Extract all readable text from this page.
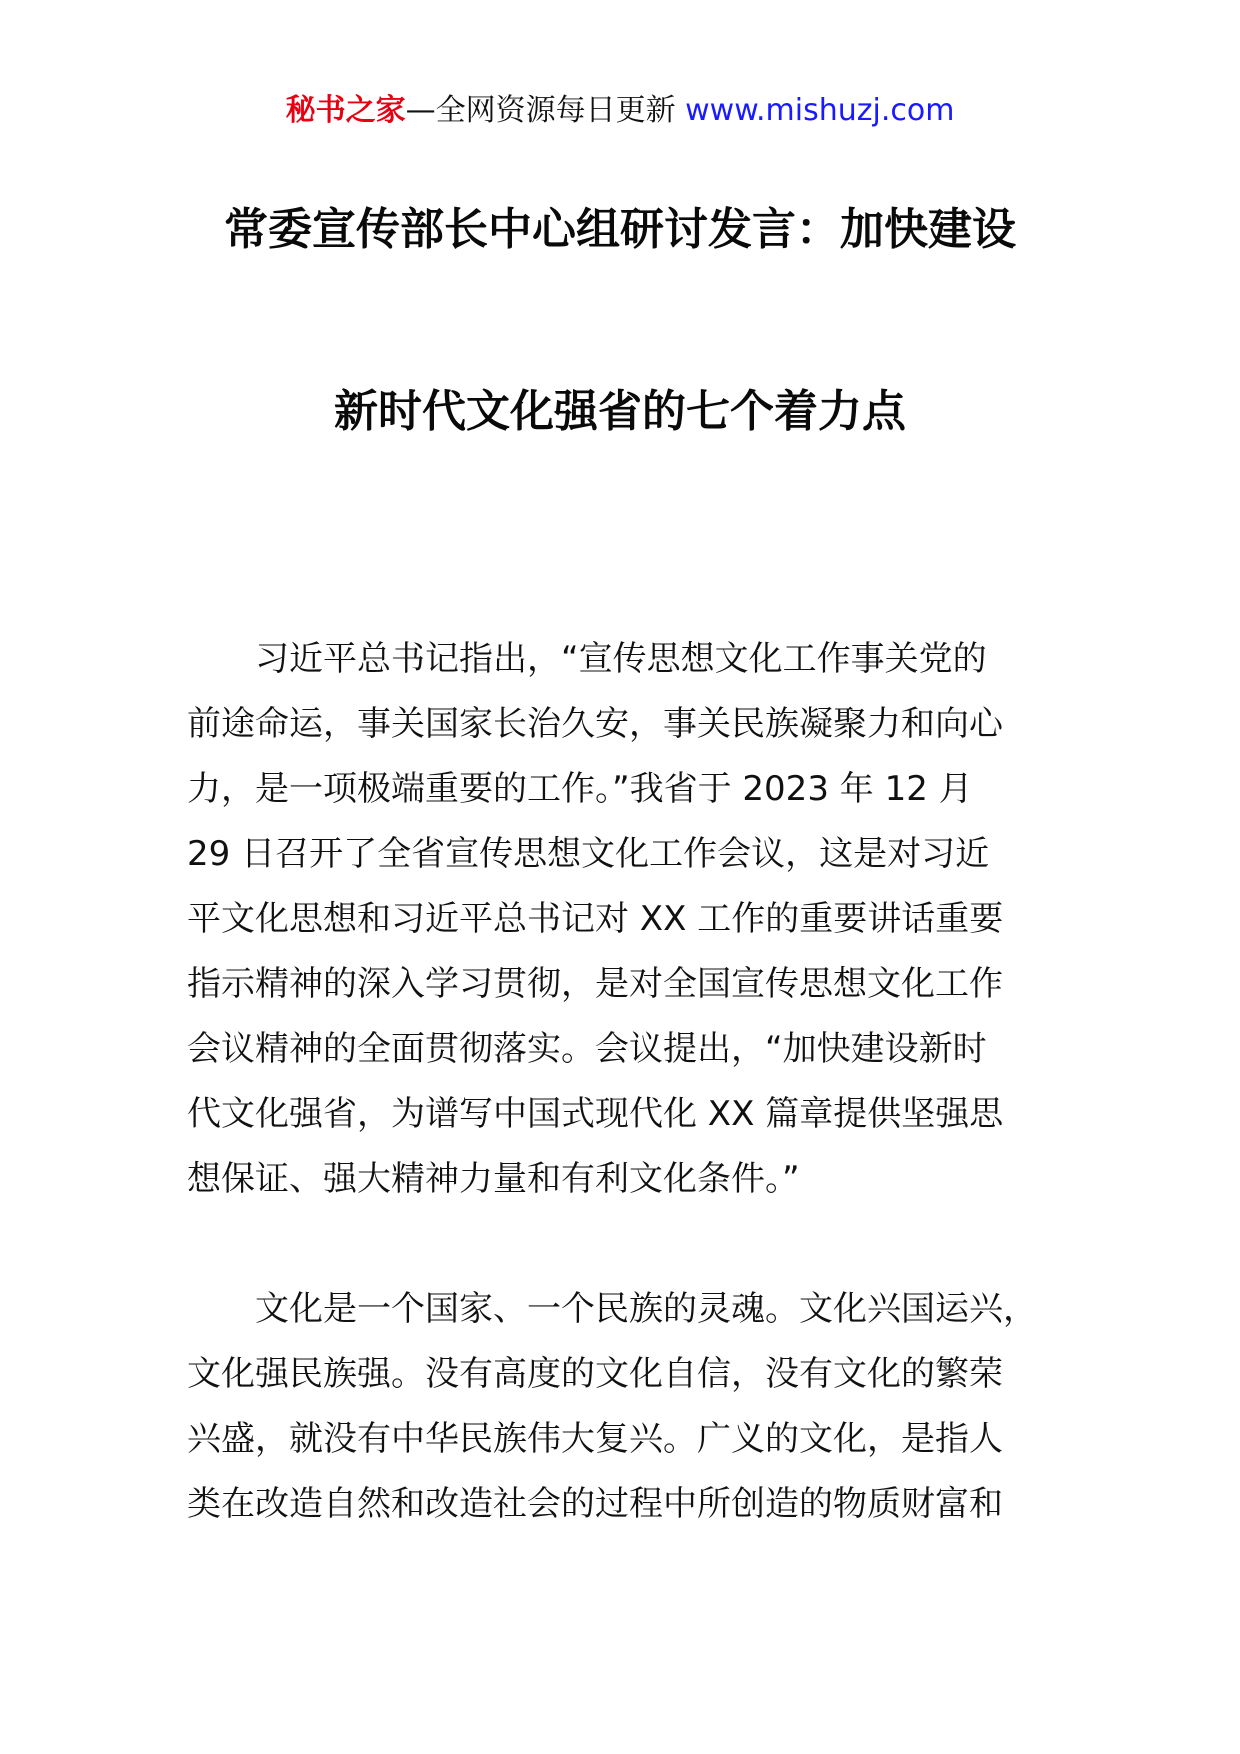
秘书之家—全网资源每日更新 www.mishuzj.com
常委宣传部长中心组研讨发言：加快建设
新时代文化强省的七个着力点
　　习近平总书记指出，“宣传思想文化工作事关党的
前途命运，事关国家长治久安，事关民族凝聚力和向心
力，是一项极端重要的工作。”我省于 2023 年 12 月
29 日召开了全省宣传思想文化工作会议，这是对习近
平文化思想和习近平总书记对 XX 工作的重要讲话重要
指示精神的深入学习贯彻，是对全国宣传思想文化工作
会议精神的全面贯彻落实。会议提出，“加快建设新时
代文化强省，为谱写中国式现代化 XX 篇章提供坚强思
想保证、强大精神力量和有利文化条件。”
　　文化是一个国家、一个民族的灵魂。文化兴国运兴，
文化强民族强。没有高度的文化自信，没有文化的繁荣
兴盛，就没有中华民族伟大复兴。广义的文化，是指人
类在改造自然和改造社会的过程中所创造的物质财富和
